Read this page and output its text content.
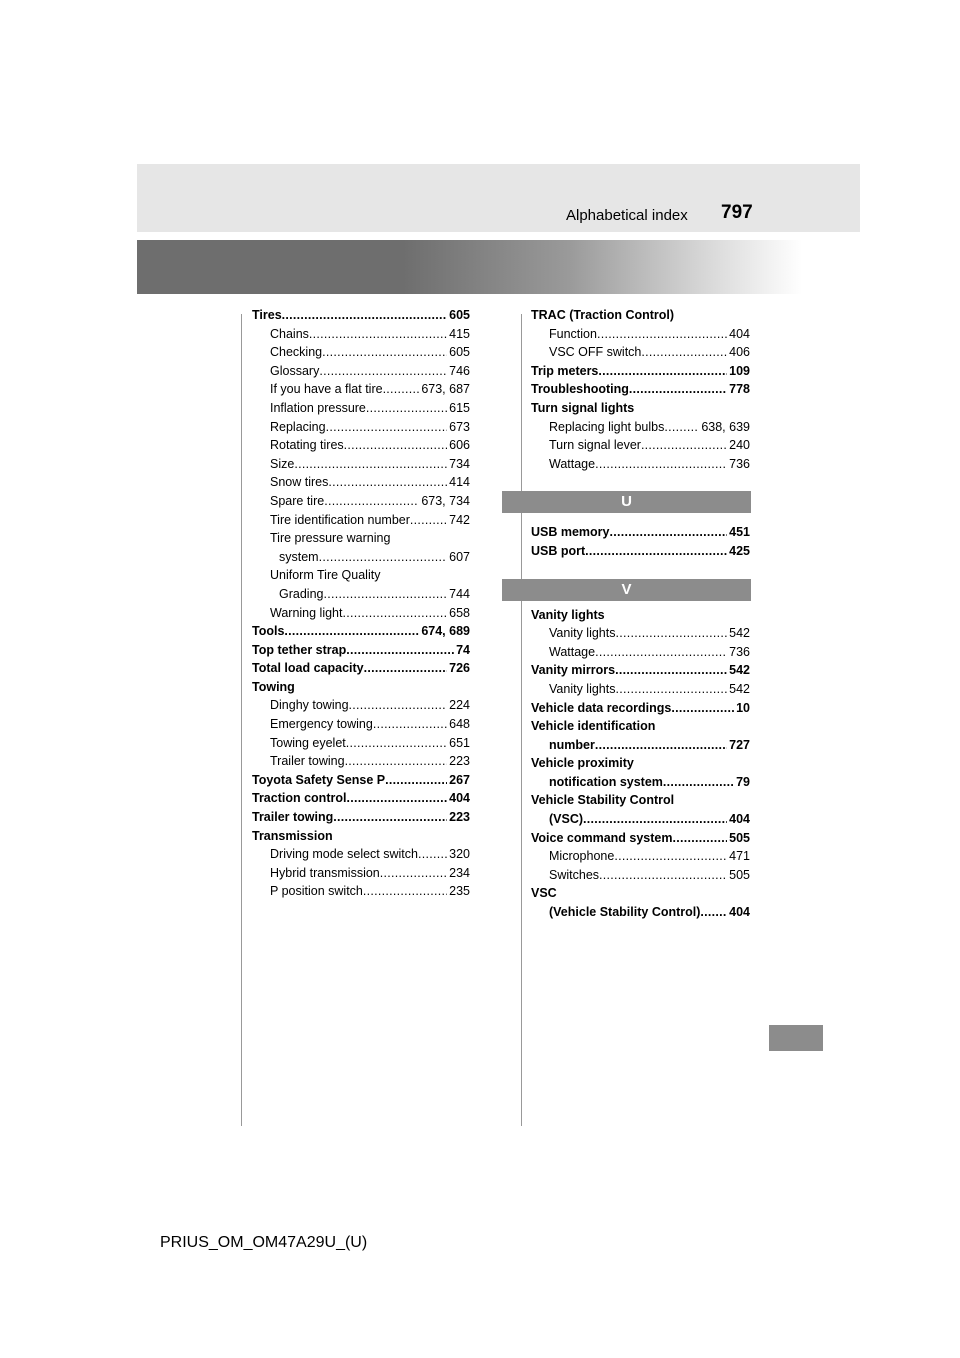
Alphabetical index 797
Tires . . .	605
Chains . . .	415
Checking . . .	605
Glossary . . .	746
If you have a flat tire . . .	673, 687
Inflation pressure . . .	615
Replacing . . .	673
Rotating tires . . .	606
Size . . .	734
Snow tires . . .	414
Spare tire . . .	673, 734
Tire identification number . . .	742
Tire pressure warning
system . . .	607
Uniform Tire Quality
Grading . . .	744
Warning light . . .	658
Tools . . .	674, 689
Top tether strap . . .	74
Total load capacity . . .	726
Towing
Dinghy towing . . .	224
Emergency towing . . .	648
Towing eyelet . . .	651
Trailer towing . . .	223
Toyota Safety Sense P . . .	267
Traction control . . .	404
Trailer towing . . .	223
Transmission
Driving mode select switch . . . 320
Hybrid transmission . . .	234
P position switch . . .	235
TRAC (Traction Control)
Function . . .	404
VSC OFF switch . . .	406
Trip meters . . .	109
Troubleshooting . . .	778
Turn signal lights
Replacing light bulbs . . .	638, 639
Turn signal lever . . .	240
Wattage . . .	736
U
USB memory . . .	451
USB port . . .	425
V
Vanity lights
Vanity lights . . .	542
Wattage . . .	736
Vanity mirrors . . .	542
Vanity lights . . .	542
Vehicle data recordings . . .	10
Vehicle identification
number . . .	727
Vehicle proximity
notification system . . .	79
Vehicle Stability Control
(VSC) . . .	404
Voice command system . . .	505
Microphone . . .	471
Switches . . .	505
VSC
(Vehicle Stability Control) . . . 404
PRIUS_OM_OM47A29U_(U)
